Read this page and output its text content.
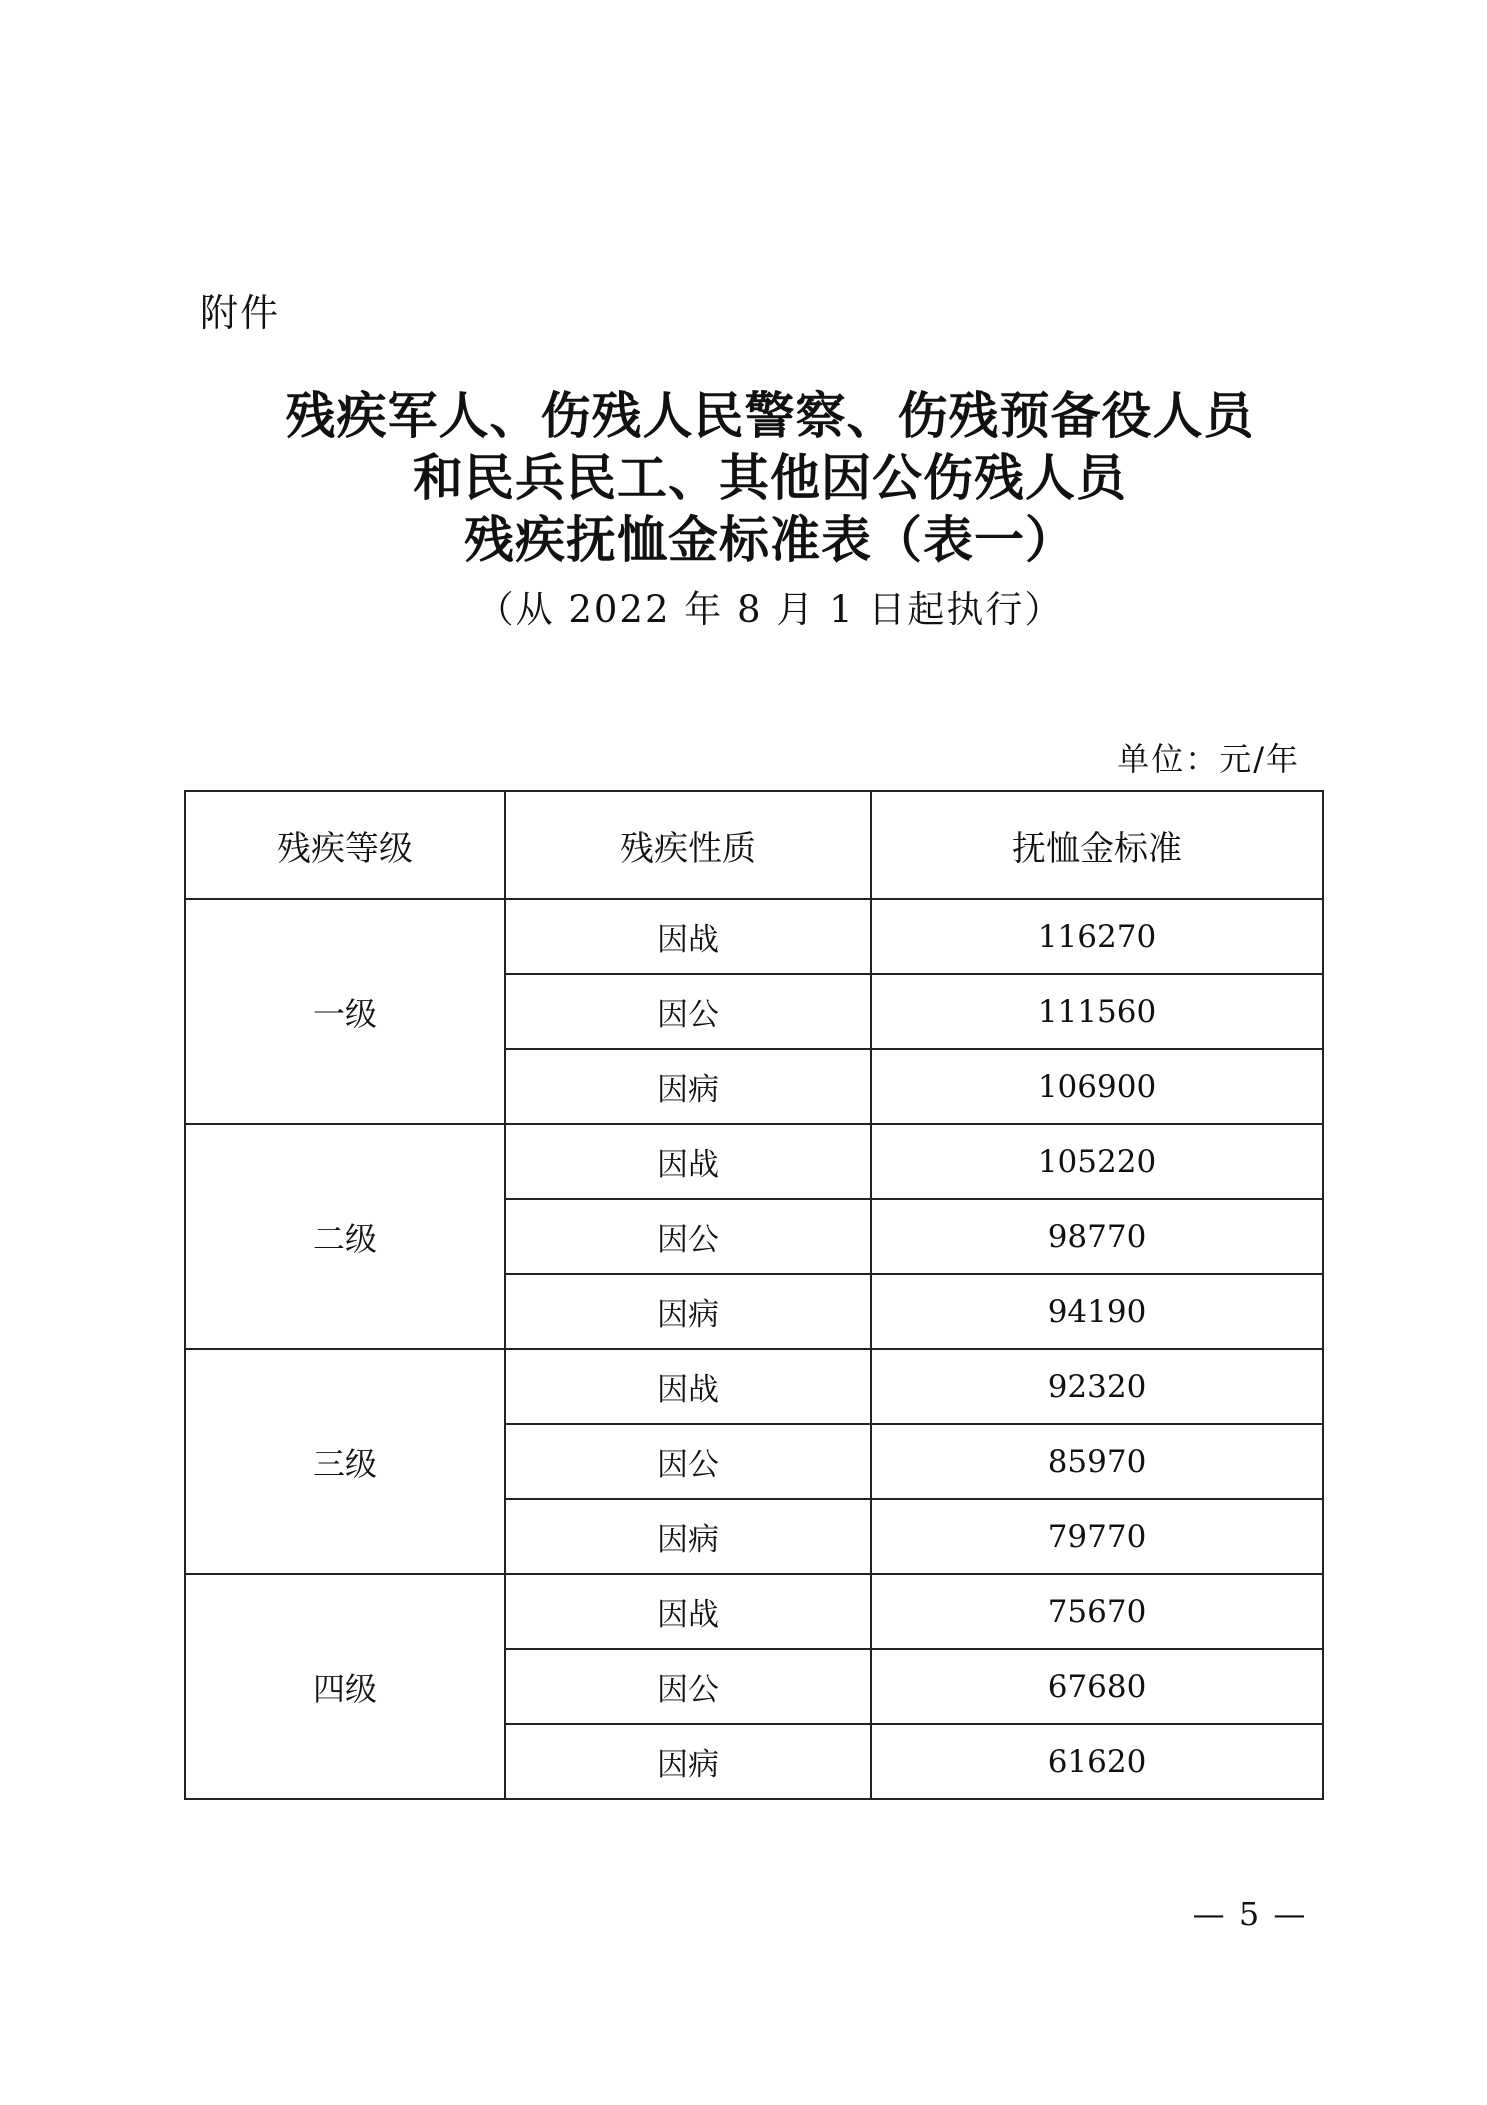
附件
残疾军人、伤残人民警察、伤残预备役人员
和民兵民工、其他因公伤残人员
残疾抚恤金标准表（表一）
（从 2022 年 8 月 1 日起执行）
单位：元/年
残疾等级	残疾性质	抚恤金标准
一级	因战	116270
	因公	111560
	因病	106900
二级	因战	105220
	因公	98770
	因病	94190
三级	因战	92320
	因公	85970
	因病	79770
四级	因战	75670
	因公	67680
	因病	61620
— 5 —
